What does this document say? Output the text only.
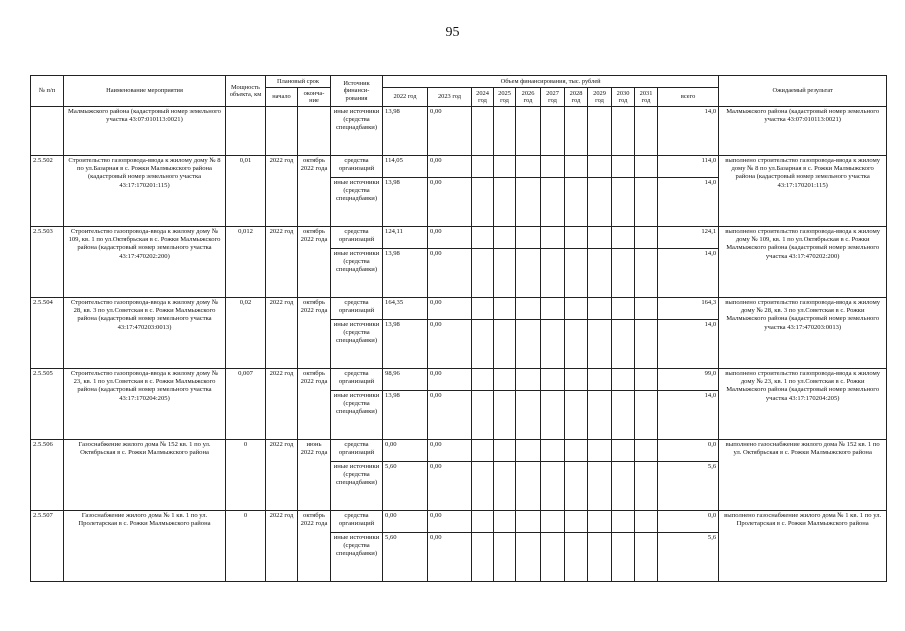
95
№ п/п	Наименование мероприятия	Мощность объекта, км	Плановый срок		Источник финанси-рования	Объем финансирования, тыс. рублей											Ожидаемый результат
			начало	оконча-ние		2022 год	2023 год	2024 год	2025 год	2026 год	2027 год	2028 год	2029 год	2030 год	2031 год	всего	
	Малмыжского района (кадастровый номер земельного участка 43:07:010113:0021)				иные источники (средства спецнадбавки)	13,98	0,00									14,0	Малмыжского района (кадастровый номер земельного участка 43:07:010113:0021)
2.5.502	Строительство газопровода-ввода к жилому дому № 8 по ул.Базарная в с. Рожки Малмыжского района (кадастровый номер земельного участка 43:17:170201:115)	0,01	2022 год	октябрь 2022 года	средства организаций	114,05	0,00									114,0	выполнено строительство газопровода-ввода к жилому дому № 8 по ул.Базарная в с. Рожки Малмыжского района (кадастровый номер земельного участка 43:17:170201:115)
					иные источники (средства спецнадбавки)	13,98	0,00									14,0	
2.5.503	Строительство газопровода-ввода к жилому дому № 109, кв. 1 по ул.Октябрьская в с. Рожки Малмыжского района (кадастровый номер земельного участка 43:17:470202:200)	0,012	2022 год	октябрь 2022 года	средства организаций	124,11	0,00									124,1	выполнено строительство газопровода-ввода к жилому дому № 109, кв. 1 по ул.Октябрьская в с. Рожки Малмыжского района (кадастровый номер земельного участка 43:17:470202:200)
					иные источники (средства спецнадбавки)	13,98	0,00									14,0	
2.5.504	Строительство газопровода-ввода к жилому дому № 28, кв. 3 по ул.Советская в с. Рожки Малмыжского района (кадастровый номер земельного участка 43:17:470203:0013)	0,02	2022 год	октябрь 2022 года	средства организаций	164,35	0,00									164,3	выполнено строительство газопровода-ввода к жилому дому № 28, кв. 3 по ул.Советская в с. Рожки Малмыжского района (кадастровый номер земельного участка 43:17:470203:0013)
					иные источники (средства спецнадбавки)	13,98	0,00									14,0	
2.5.505	Строительство газопровода-ввода к жилому дому № 23, кв. 1 по ул.Советская в с. Рожки Малмыжского района (кадастровый номер земельного участка 43:17:170204:205)	0,007	2022 год	октябрь 2022 года	средства организаций	98,96	0,00									99,0	выполнено строительство газопровода-ввода к жилому дому № 23, кв. 1 по ул.Советская в с. Рожки Малмыжского района (кадастровый номер земельного участка 43:17:170204:205)
					иные источники (средства спецнадбавки)	13,98	0,00									14,0	
2.5.506	Газоснабжение жилого дома № 152 кв. 1 по ул. Октябрьская в с. Рожки Малмыжского района	0	2022 год	июнь 2022 года	средства организаций	0,00	0,00									0,0	выполнено газоснабжение жилого дома № 152 кв. 1 по ул. Октябрьская в с. Рожки Малмыжского района
					иные источники (средства спецнадбавки)	5,60	0,00									5,6	
2.5.507	Газоснабжение жилого дома № 1 кв. 1 по ул. Пролетарская в с. Рожки Малмыжского района	0	2022 год	октябрь 2022 года	средства организаций	0,00	0,00									0,0	выполнено газоснабжение жилого дома № 1 кв. 1 по ул. Пролетарская в с. Рожки Малмыжского района
					иные источники (средства спецнадбавки)	5,60	0,00									5,6	
